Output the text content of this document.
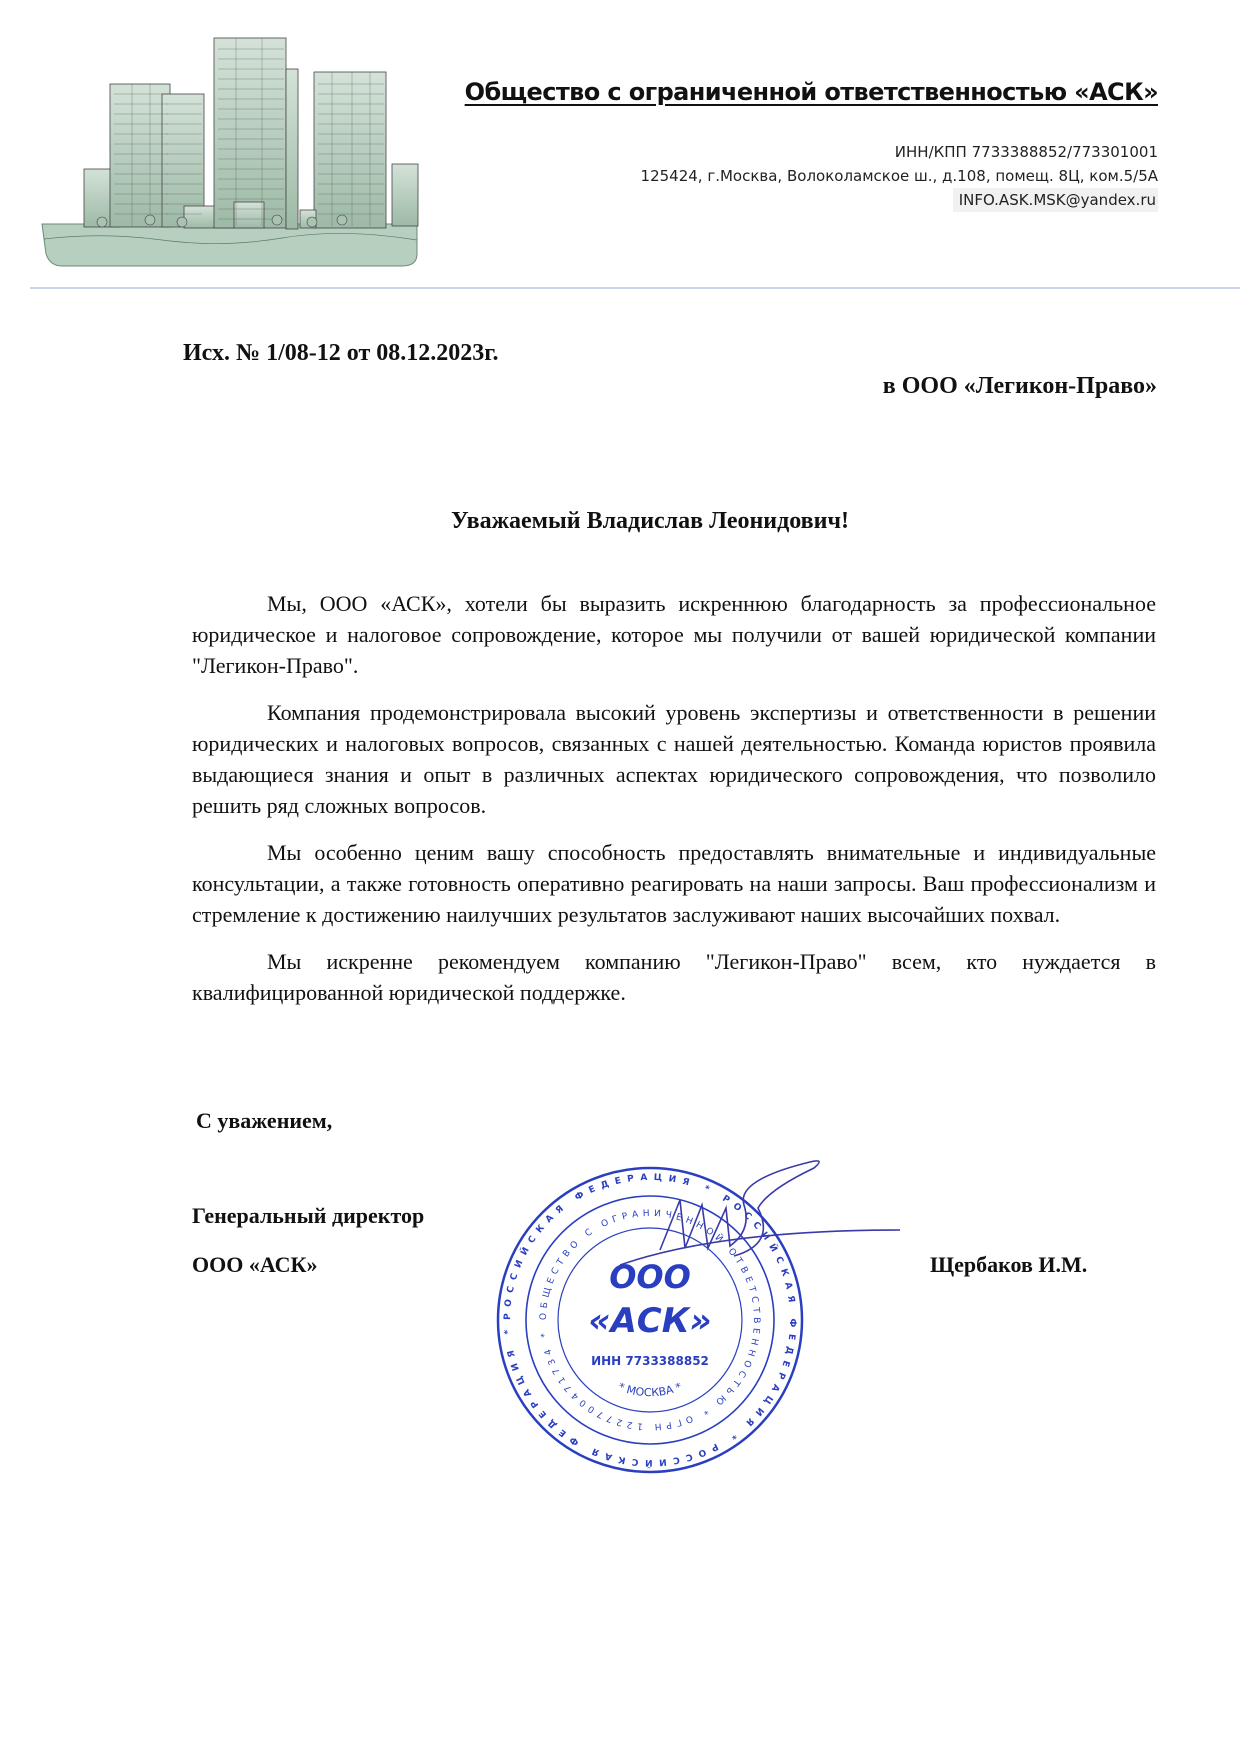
Общество с ограниченной ответственностью «АСК»
ИНН/КПП 7733388852/773301001
125424, г.Москва, Волоколамское ш., д.108, помещ. 8Ц, ком.5/5А
INFO.ASK.MSK@yandex.ru
Исх. № 1/08-12 от 08.12.2023г.
в ООО «Легикон-Право»
Уважаемый Владислав Леонидович!

Мы, ООО «АСК», хотели бы выразить искреннюю благодарность за профессиональное юридическое и налоговое сопровождение, которое мы получили от вашей юридической компании "Легикон-Право".

Компания продемонстрировала высокий уровень экспертизы и ответственности в решении юридических и налоговых вопросов, связанных с нашей деятельностью. Команда юристов проявила выдающиеся знания и опыт в различных аспектах юридического сопровождения, что позволило решить ряд сложных вопросов.

Мы особенно ценим вашу способность предоставлять внимательные и индивидуальные консультации, а также готовность оперативно реагировать на наши запросы. Ваш профессионализм и стремление к достижению наилучших результатов заслуживают наших высочайших похвал.

Мы искренне рекомендуем компанию "Легикон-Право" всем, кто нуждается в квалифицированной юридической поддержке.

С уважением,
Генеральный директор
ООО «АСК»	Щербаков И.М.
РОССИЙСКАЯ ФЕДЕРАЦИЯ * РОССИЙСКАЯ ФЕДЕРАЦИЯ * РОССИЙСКАЯ ФЕДЕРАЦИЯ *
ОБЩЕСТВО С ОГРАНИЧЕННОЙ ОТВЕТСТВЕННОСТЬЮ * ОГРН 1227700471734 *
ООО
«АСК»
ИНН 7733388852
* МОСКВА *
